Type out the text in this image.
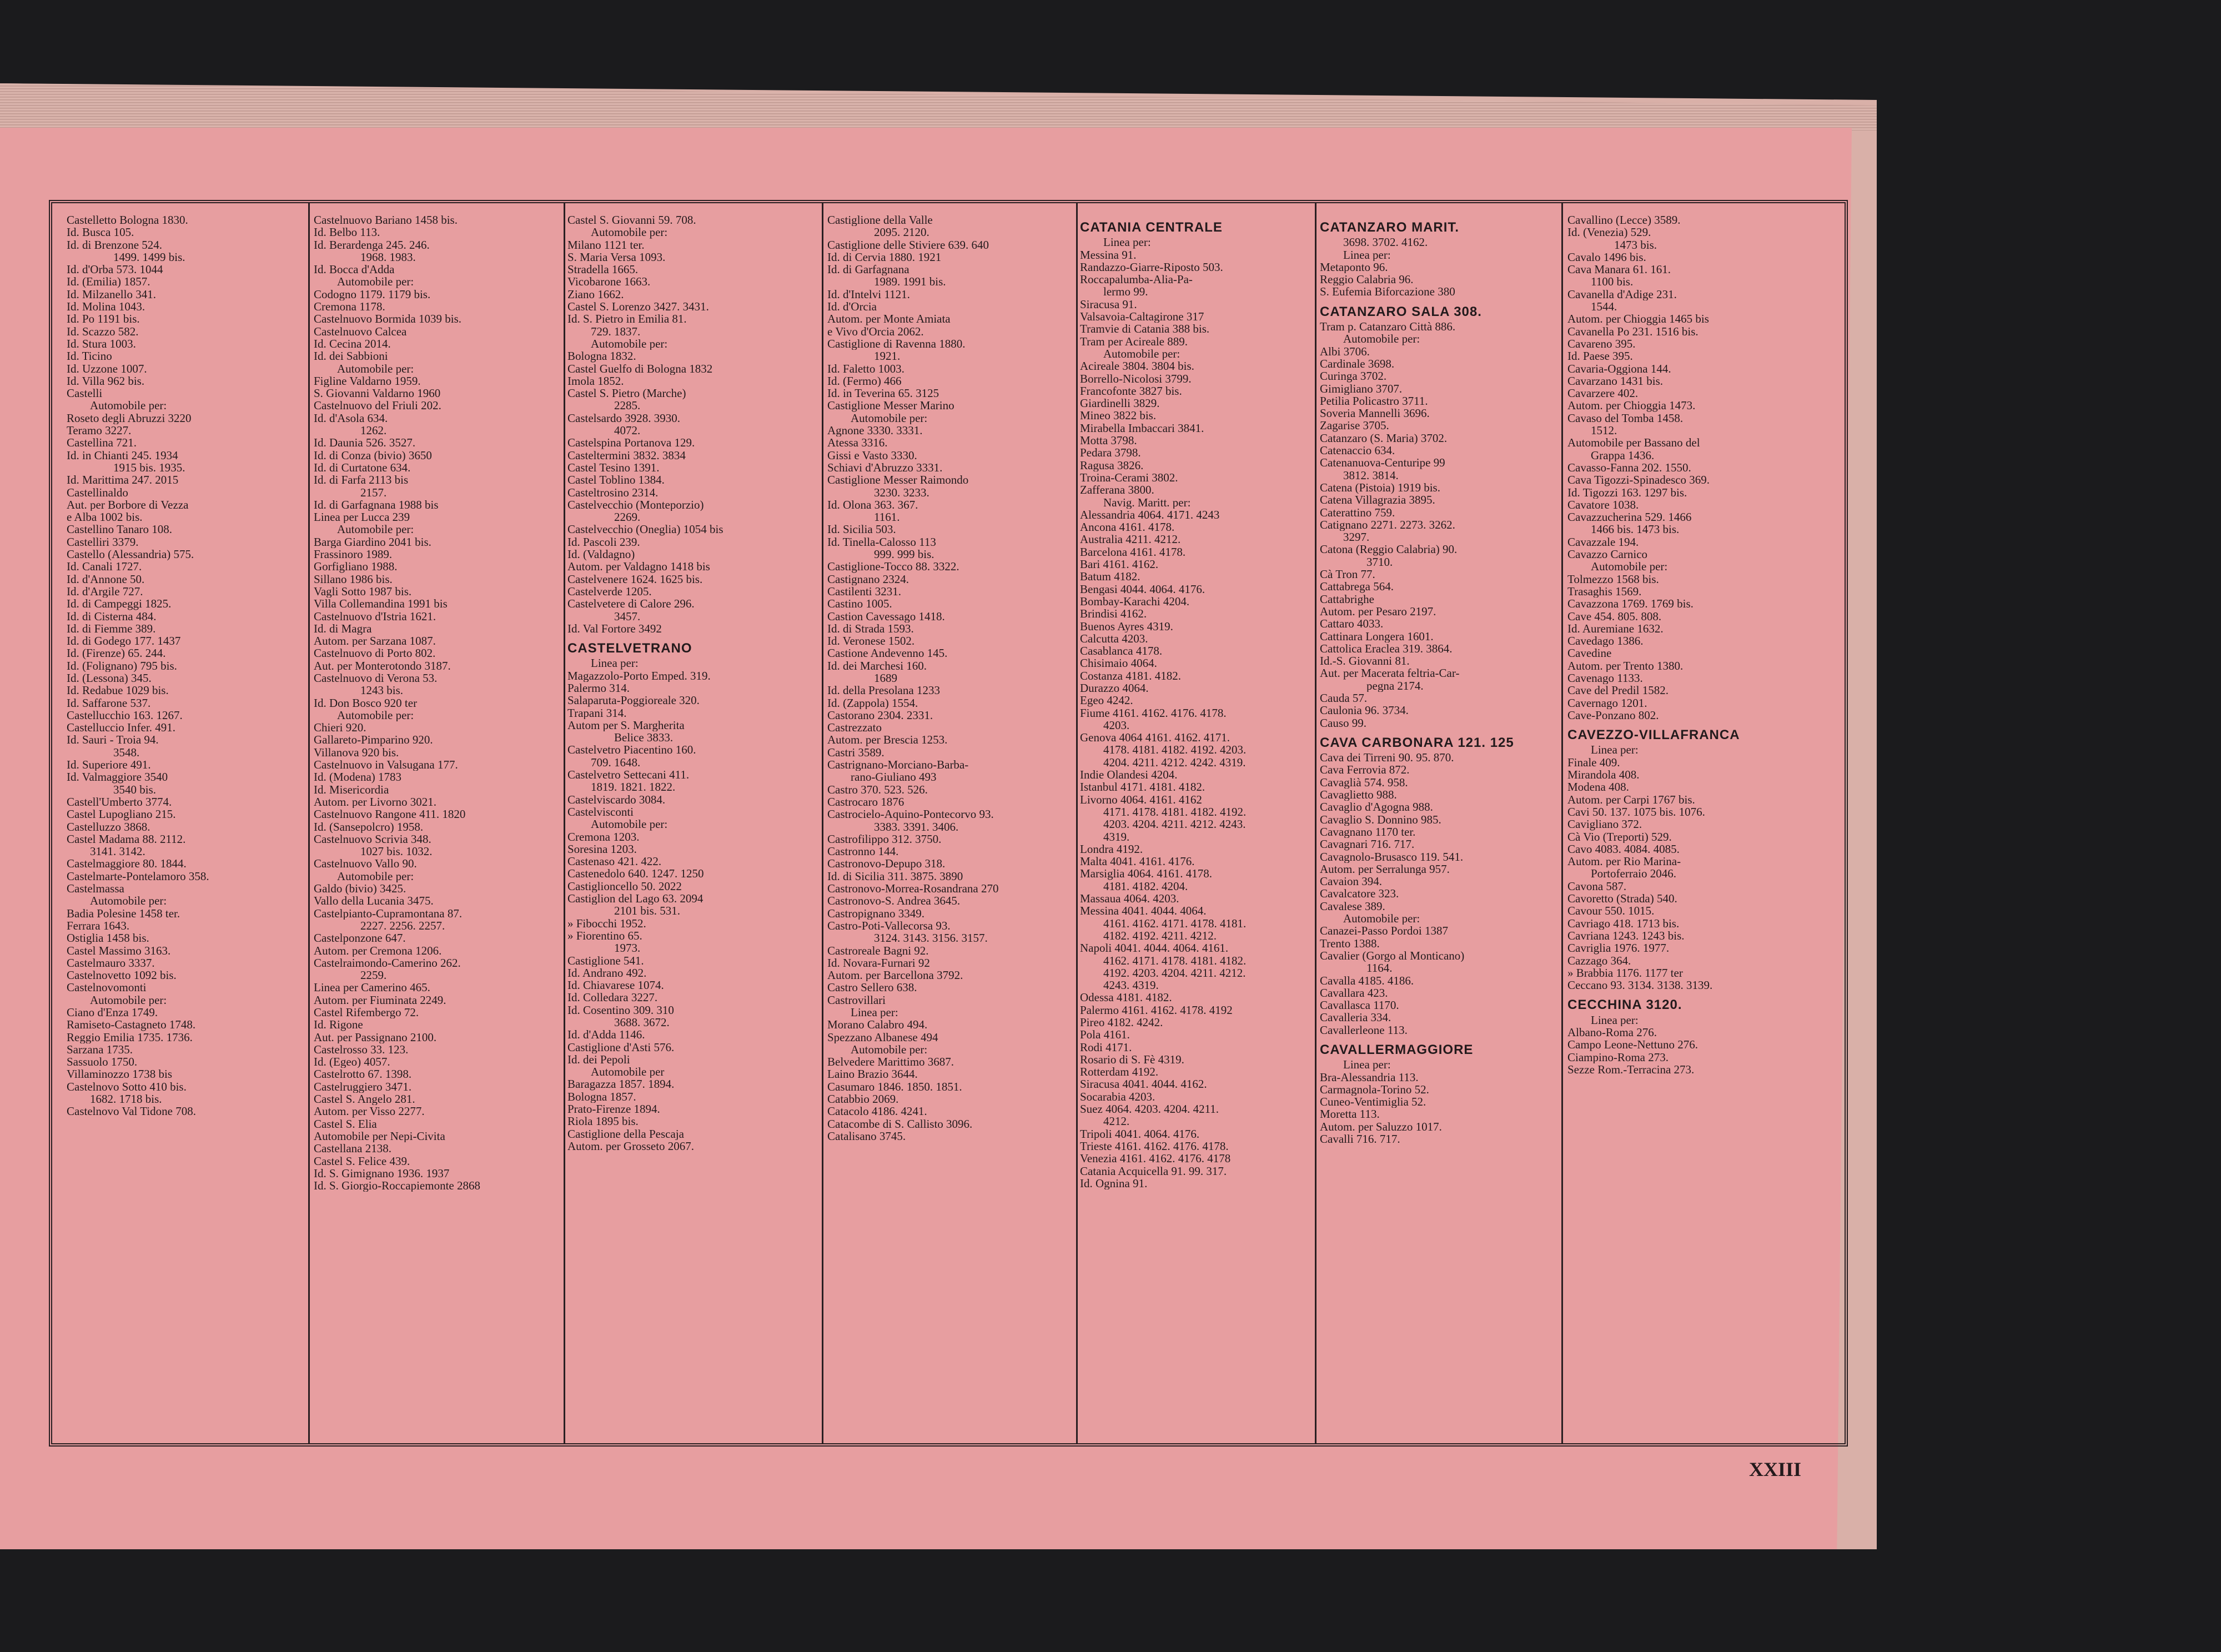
Castelletto Bologna 1830.
Id. Busca 105.
Id. di Brenzone 524.
1499. 1499 bis.
Id. d'Orba 573. 1044
Id. (Emilia) 1857.
Id. Milzanello 341.
Id. Molina 1043.
Id. Po 1191 bis.
Id. Scazzo 582.
Id. Stura 1003.
Id. Ticino
Id. Uzzone 1007.
Id. Villa 962 bis.
Castelli
Automobile per:
Roseto degli Abruzzi 3220
Teramo 3227.
Castellina 721.
Id. in Chianti 245. 1934
1915 bis. 1935.
Id. Marittima 247. 2015
Castellinaldo
Aut. per Borbore di Vezza
e Alba 1002 bis.
Castellino Tanaro 108.
Castelliri 3379.
Castello (Alessandria) 575.
Id. Canali 1727.
Id. d'Annone 50.
Id. d'Argile 727.
Id. di Campeggi 1825.
Id. di Cisterna 484.
Id. di Fiemme 389.
Id. di Godego 177. 1437
Id. (Firenze) 65. 244.
Id. (Folignano) 795 bis.
Id. (Lessona) 345.
Id. Redabue 1029 bis.
Id. Saffarone 537.
Castellucchio 163. 1267.
Castelluccio Infer. 491.
Id. Sauri - Troia 94.
3548.
Id. Superiore 491.
Id. Valmaggiore 3540
3540 bis.
Castell'Umberto 3774.
Castel Lupogliano 215.
Castelluzzo 3868.
Castel Madama 88. 2112.
3141. 3142.
Castelmaggiore 80. 1844.
Castelmarte-Pontelamoro 358.
Castelmassa
Automobile per:
Badia Polesine 1458 ter.
Ferrara 1643.
Ostiglia 1458 bis.
Castel Massimo 3163.
Castelmauro 3337.
Castelnovetto 1092 bis.
Castelnovomonti
Automobile per:
Ciano d'Enza 1749.
Ramiseto-Castagneto 1748.
Reggio Emilia 1735. 1736.
Sarzana 1735.
Sassuolo 1750.
Villaminozzo 1738 bis
Castelnovo Sotto 410 bis.
1682. 1718 bis.
Castelnovo Val Tidone 708.
Castelnuovo Bariano 1458 bis.
Id. Belbo 113.
Id. Berardenga 245. 246.
1968. 1983.
Id. Bocca d'Adda
Automobile per:
Codogno 1179. 1179 bis.
Cremona 1178.
Castelnuovo Bormida 1039 bis.
Castelnuovo Calcea
Id. Cecina 2014.
Id. dei Sabbioni
Automobile per:
Figline Valdarno 1959.
S. Giovanni Valdarno 1960
Castelnuovo del Friuli 202.
Id. d'Asola 634.
1262.
Id. Daunia 526. 3527.
Id. di Conza (bivio) 3650
Id. di Curtatone 634.
Id. di Farfa 2113 bis
2157.
Id. di Garfagnana 1988 bis
Linea per Lucca 239
Automobile per:
Barga Giardino 2041 bis.
Frassinoro 1989.
Gorfigliano 1988.
Sillano 1986 bis.
Vagli Sotto 1987 bis.
Villa Collemandina 1991 bis
Castelnuovo d'Istria 1621.
Id. di Magra
Autom. per Sarzana 1087.
Castelnuovo di Porto 802.
Aut. per Monterotondo 3187.
Castelnuovo di Verona 53.
1243 bis.
Id. Don Bosco 920 ter
Automobile per:
Chieri 920.
Gallareto-Pimparino 920.
Villanova 920 bis.
Castelnuovo in Valsugana 177.
Id. (Modena) 1783
Id. Misericordia
Autom. per Livorno 3021.
Castelnuovo Rangone 411. 1820
Id. (Sansepolcro) 1958.
Castelnuovo Scrivia 348.
1027 bis. 1032.
Castelnuovo Vallo 90.
Automobile per:
Galdo (bivio) 3425.
Vallo della Lucania 3475.
Castelpianto-Cupramontana 87.
2227. 2256. 2257.
Castelponzone 647.
Autom. per Cremona 1206.
Castelraimondo-Camerino 262.
2259.
Linea per Camerino 465.
Autom. per Fiuminata 2249.
Castel Rifembergo 72.
Id. Rigone
Aut. per Passignano 2100.
Castelrosso 33. 123.
Id. (Egeo) 4057.
Castelrotto 67. 1398.
Castelruggiero 3471.
Castel S. Angelo 281.
Autom. per Visso 2277.
Castel S. Elia
Automobile per Nepi-Civita
Castellana 2138.
Castel S. Felice 439.
Id. S. Gimignano 1936. 1937
Id. S. Giorgio-Roccapiemonte 2868
Castel S. Giovanni 59. 708.
Automobile per:
Milano 1121 ter.
S. Maria Versa 1093.
Stradella 1665.
Vicobarone 1663.
Ziano 1662.
Castel S. Lorenzo 3427. 3431.
Id. S. Pietro in Emilia 81.
729. 1837.
Automobile per:
Bologna 1832.
Castel Guelfo di Bologna 1832
Imola 1852.
Castel S. Pietro (Marche)
2285.
Castelsardo 3928. 3930.
4072.
Castelspina Portanova 129.
Casteltermini 3832. 3834
Castel Tesino 1391.
Castel Toblino 1384.
Casteltrosino 2314.
Castelvecchio (Monteporzio)
2269.
Castelvecchio (Oneglia) 1054 bis
Id. Pascoli 239.
Id. (Valdagno)
Autom. per Valdagno 1418 bis
Castelvenere 1624. 1625 bis.
Castelverde 1205.
Castelvetere di Calore 296.
3457.
Id. Val Fortore 3492
CASTELVETRANO
Linea per:
Magazzolo-Porto Emped. 319.
Palermo 314.
Salaparuta-Poggioreale 320.
Trapani 314.
Autom per S. Margherita
Belice 3833.
Castelvetro Piacentino 160.
709. 1648.
Castelvetro Settecani 411.
1819. 1821. 1822.
Castelviscardo 3084.
Castelvisconti
Automobile per:
Cremona 1203.
Soresina 1203.
Castenaso 421. 422.
Castenedolo 640. 1247. 1250
Castiglioncello 50. 2022
Castiglion del Lago 63. 2094
2101 bis. 531.
» Fibocchi 1952.
» Fiorentino 65.
1973.
Castiglione 541.
Id. Andrano 492.
Id. Chiavarese 1074.
Id. Colledara 3227.
Id. Cosentino 309. 310
3688. 3672.
Id. d'Adda 1146.
Castiglione d'Asti 576.
Id. dei Pepoli
Automobile per
Baragazza 1857. 1894.
Bologna 1857.
Prato-Firenze 1894.
Riola 1895 bis.
Castiglione della Pescaja
Autom. per Grosseto 2067.
Castiglione della Valle
2095. 2120.
Castiglione delle Stiviere 639. 640
Id. di Cervia 1880. 1921
Id. di Garfagnana
1989. 1991 bis.
Id. d'Intelvi 1121.
Id. d'Orcia
Autom. per Monte Amiata
e Vivo d'Orcia 2062.
Castiglione di Ravenna 1880.
1921.
Id. Faletto 1003.
Id. (Fermo) 466
Id. in Teverina 65. 3125
Castiglione Messer Marino
Automobile per:
Agnone 3330. 3331.
Atessa 3316.
Gissi e Vasto 3330.
Schiavi d'Abruzzo 3331.
Castiglione Messer Raimondo
3230. 3233.
Id. Olona 363. 367.
1161.
Id. Sicilia 503.
Id. Tinella-Calosso 113
999. 999 bis.
Castiglione-Tocco 88. 3322.
Castignano 2324.
Castilenti 3231.
Castino 1005.
Castion Cavessago 1418.
Id. di Strada 1593.
Id. Veronese 1502.
Castione Andevenno 145.
Id. dei Marchesi 160.
1689
Id. della Presolana 1233
Id. (Zappola) 1554.
Castorano 2304. 2331.
Castrezzato
Autom. per Brescia 1253.
Castri 3589.
Castrignano-Morciano-Barba-
rano-Giuliano 493
Castro 370. 523. 526.
Castrocaro 1876
Castrocielo-Aquino-Pontecorvo 93.
3383. 3391. 3406.
Castrofilippo 312. 3750.
Castronno 144.
Castronovo-Depupo 318.
Id. di Sicilia 311. 3875. 3890
Castronovo-Morrea-Rosandrana 270
Castronovo-S. Andrea 3645.
Castropignano 3349.
Castro-Poti-Vallecorsa 93.
3124. 3143. 3156. 3157.
Castroreale Bagni 92.
Id. Novara-Furnari 92
Autom. per Barcellona 3792.
Castro Sellero 638.
Castrovillari
Linea per:
Morano Calabro 494.
Spezzano Albanese 494
Automobile per:
Belvedere Marittimo 3687.
Laino Brazio 3644.
Casumaro 1846. 1850. 1851.
Catabbio 2069.
Catacolo 4186. 4241.
Catacombe di S. Callisto 3096.
Catalisano 3745.
CATANIA CENTRALE
Linea per:
Messina 91.
Randazzo-Giarre-Riposto 503.
Roccapalumba-Alia-Pa-
lermo 99.
Siracusa 91.
Valsavoia-Caltagirone 317
Tramvie di Catania 388 bis.
Tram per Acireale 889.
Automobile per:
Acireale 3804. 3804 bis.
Borrello-Nicolosi 3799.
Francofonte 3827 bis.
Giardinelli 3829.
Mineo 3822 bis.
Mirabella Imbaccari 3841.
Motta 3798.
Pedara 3798.
Ragusa 3826.
Troina-Cerami 3802.
Zafferana 3800.
Navig. Maritt. per:
Alessandria 4064. 4171. 4243
Ancona 4161. 4178.
Australia 4211. 4212.
Barcelona 4161. 4178.
Bari 4161. 4162.
Batum 4182.
Bengasi 4044. 4064. 4176.
Bombay-Karachi 4204.
Brindisi 4162.
Buenos Ayres 4319.
Calcutta 4203.
Casablanca 4178.
Chisimaio 4064.
Costanza 4181. 4182.
Durazzo 4064.
Egeo 4242.
Fiume 4161. 4162. 4176. 4178.
4203.
Genova 4064 4161. 4162. 4171.
4178. 4181. 4182. 4192. 4203.
4204. 4211. 4212. 4242. 4319.
Indie Olandesi 4204.
Istanbul 4171. 4181. 4182.
Livorno 4064. 4161. 4162
4171. 4178. 4181. 4182. 4192.
4203. 4204. 4211. 4212. 4243.
4319.
Londra 4192.
Malta 4041. 4161. 4176.
Marsiglia 4064. 4161. 4178.
4181. 4182. 4204.
Massaua 4064. 4203.
Messina 4041. 4044. 4064.
4161. 4162. 4171. 4178. 4181.
4182. 4192. 4211. 4212.
Napoli 4041. 4044. 4064. 4161.
4162. 4171. 4178. 4181. 4182.
4192. 4203. 4204. 4211. 4212.
4243. 4319.
Odessa 4181. 4182.
Palermo 4161. 4162. 4178. 4192
Pireo 4182. 4242.
Pola 4161.
Rodi 4171.
Rosario di S. Fè 4319.
Rotterdam 4192.
Siracusa 4041. 4044. 4162.
Socarabia 4203.
Suez 4064. 4203. 4204. 4211.
4212.
Tripoli 4041. 4064. 4176.
Trieste 4161. 4162. 4176. 4178.
Venezia 4161. 4162. 4176. 4178
Catania Acquicella 91. 99. 317.
Id. Ognina 91.
CATANZARO MARIT.
3698. 3702. 4162.
Linea per:
Metaponto 96.
Reggio Calabria 96.
S. Eufemia Biforcazione 380
CATANZARO SALA 308.
Tram p. Catanzaro Città 886.
Automobile per:
Albi 3706.
Cardinale 3698.
Curinga 3702.
Gimigliano 3707.
Petilia Policastro 3711.
Soveria Mannelli 3696.
Zagarise 3705.
Catanzaro (S. Maria) 3702.
Catenaccio 634.
Catenanuova-Centuripe 99
3812. 3814.
Catena (Pistoia) 1919 bis.
Catena Villagrazia 3895.
Caterattino 759.
Catignano 2271. 2273. 3262.
3297.
Catona (Reggio Calabria) 90.
3710.
Cà Tron 77.
Cattabrega 564.
Cattabrighe
Autom. per Pesaro 2197.
Cattaro 4033.
Cattinara Longera 1601.
Cattolica Eraclea 319. 3864.
Id.-S. Giovanni 81.
Aut. per Macerata feltria-Car-
pegna 2174.
Cauda 57.
Caulonia 96. 3734.
Causo 99.
CAVA CARBONARA 121. 125
Cava dei Tirreni 90. 95. 870.
Cava Ferrovia 872.
Cavaglià 574. 958.
Cavaglietto 988.
Cavaglio d'Agogna 988.
Cavaglio S. Donnino 985.
Cavagnano 1170 ter.
Cavagnari 716. 717.
Cavagnolo-Brusasco 119. 541.
Autom. per Serralunga 957.
Cavaion 394.
Cavalcatore 323.
Cavalese 389.
Automobile per:
Canazei-Passo Pordoi 1387
Trento 1388.
Cavalier (Gorgo al Monticano)
1164.
Cavalla 4185. 4186.
Cavallara 423.
Cavallasca 1170.
Cavalleria 334.
Cavallerleone 113.
CAVALLERMAGGIORE
Linea per:
Bra-Alessandria 113.
Carmagnola-Torino 52.
Cuneo-Ventimiglia 52.
Moretta 113.
Autom. per Saluzzo 1017.
Cavalli 716. 717.
Cavallino (Lecce) 3589.
Id. (Venezia) 529.
1473 bis.
Cavalo 1496 bis.
Cava Manara 61. 161.
1100 bis.
Cavanella d'Adige 231.
1544.
Autom. per Chioggia 1465 bis
Cavanella Po 231. 1516 bis.
Cavareno 395.
Id. Paese 395.
Cavaria-Oggiona 144.
Cavarzano 1431 bis.
Cavarzere 402.
Autom. per Chioggia 1473.
Cavaso del Tomba 1458.
1512.
Automobile per Bassano del
Grappa 1436.
Cavasso-Fanna 202. 1550.
Cava Tigozzi-Spinadesco 369.
Id. Tigozzi 163. 1297 bis.
Cavatore 1038.
Cavazzucherina 529. 1466
1466 bis. 1473 bis.
Cavazzale 194.
Cavazzo Carnico
Automobile per:
Tolmezzo 1568 bis.
Trasaghis 1569.
Cavazzona 1769. 1769 bis.
Cave 454. 805. 808.
Id. Auremiane 1632.
Cavedago 1386.
Cavedine
Autom. per Trento 1380.
Cavenago 1133.
Cave del Predil 1582.
Cavernago 1201.
Cave-Ponzano 802.
CAVEZZO-VILLAFRANCA
Linea per:
Finale 409.
Mirandola 408.
Modena 408.
Autom. per Carpi 1767 bis.
Cavi 50. 137. 1075 bis. 1076.
Cavigliano 372.
Cà Vio (Treporti) 529.
Cavo 4083. 4084. 4085.
Autom. per Rio Marina-
Portoferraio 2046.
Cavona 587.
Cavoretto (Strada) 540.
Cavour 550. 1015.
Cavriago 418. 1713 bis.
Cavriana 1243. 1243 bis.
Cavriglia 1976. 1977.
Cazzago 364.
» Brabbia 1176. 1177 ter
Ceccano 93. 3134. 3138. 3139.
CECCHINA 3120.
Linea per:
Albano-Roma 276.
Campo Leone-Nettuno 276.
Ciampino-Roma 273.
Sezze Rom.-Terracina 273.
XXIII
